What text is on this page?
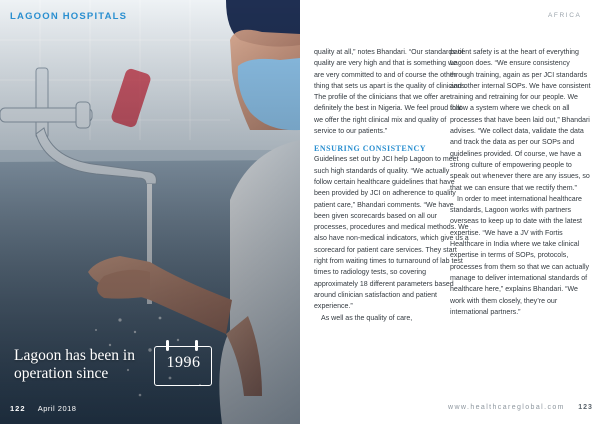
LAGOON HOSPITALS
Lagoon has been in operation since
1996
122 April 2018
AFRICA

quality at all,” notes Bhandari. “Our standards of quality are very high and that is something we are very committed to and of course the other thing that sets us apart is the quality of clinicians. The profile of the clinicians that we offer are definitely the best in Nigeria. We feel proud that we offer the right clinical mix and quality of service to our patients.”

ENSURING CONSISTENCY

Guidelines set out by JCI help Lagoon to meet such high standards of quality. “We actually follow certain healthcare guidelines that have been provided by JCI on adherence to quality patient care,” Bhandari comments. “We have been given scorecards based on all our processes, procedures and medical methods. We also have non-medical indicators, which give us a scorecard for patient care services. They start right from waiting times to turnaround of lab test times to radiology tests, so covering approximately 18 different parameters based around clinician satisfaction and patient experience.”

As well as the quality of care,

patient safety is at the heart of everything Lagoon does. “We ensure consistency through training, again as per JCI standards and other internal SOPs. We have consistent training and retraining for our people. We follow a system where we check on all processes that have been laid out,” Bhandari advises. “We collect data, validate the data and track the data as per our SOPs and guidelines provided. Of course, we have a strong culture of empowering people to speak out whenever there are any issues, so that we can ensure that we rectify them.”

In order to meet international healthcare standards, Lagoon works with partners overseas to keep up to date with the latest expertise. “We have a JV with Fortis Healthcare in India where we take clinical expertise in terms of SOPs, protocols, processes from them so that we can actually manage to deliver international standards of healthcare here,” explains Bhandari. “We work with them closely, they’re our international partners.”

www.healthcareglobal.com 123
